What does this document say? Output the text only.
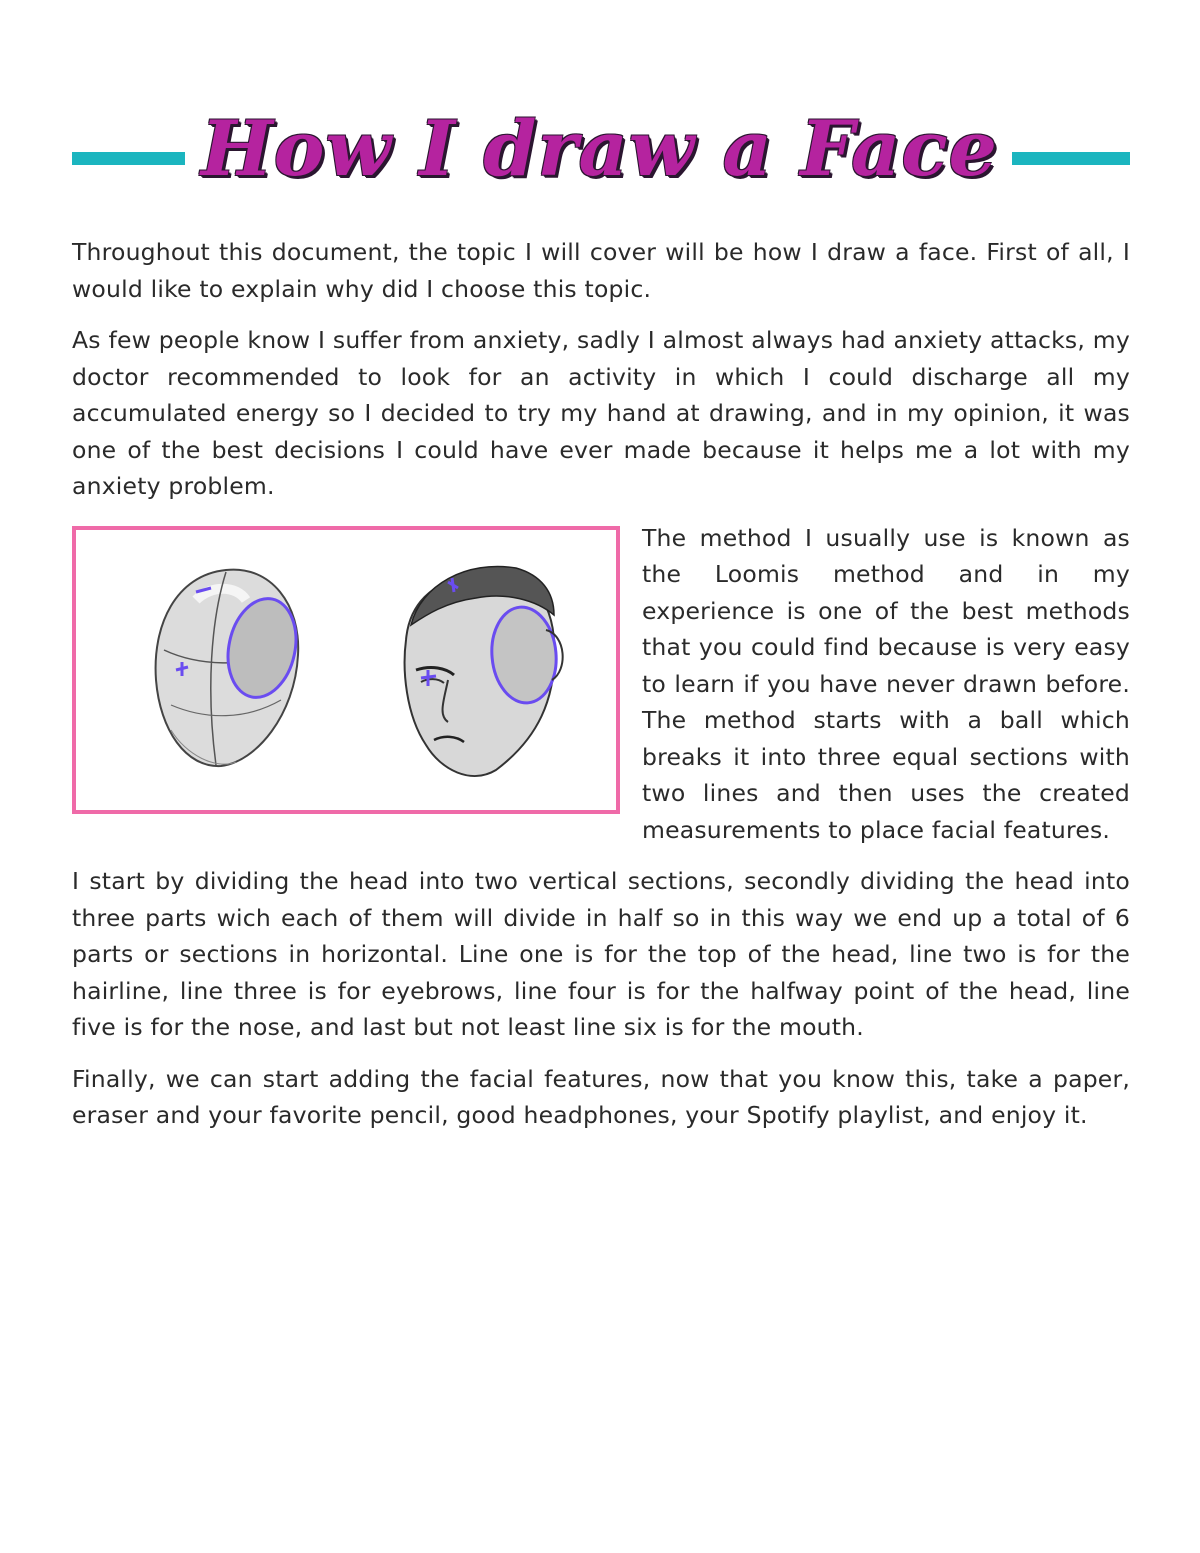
How I draw a Face

Throughout this document, the topic I will cover will be how I draw a face. First of all, I would like to explain why did I choose this topic.

As few people know I suffer from anxiety, sadly I almost always had anxiety attacks, my doctor recommended to look for an activity in which I could discharge all my accumulated energy so I decided to try my hand at drawing, and in my opinion, it was one of the best decisions I could have ever made because it helps me a lot with my anxiety problem.

The method I usually use is known as the Loomis method and in my experience is one of the best methods that you could find because is very easy to learn if you have never drawn before. The method starts with a ball which breaks it into three equal sections with two lines and then uses the created measurements to place facial features.

I start by dividing the head into two vertical sections, secondly dividing the head into three parts wich each of them will divide in half so in this way we end up a total of 6 parts or sections in horizontal. Line one is for the top of the head, line two is for the hairline, line three is for eyebrows, line four is for the halfway point of the head, line five is for the nose, and last but not least line six is for the mouth.

Finally, we can start adding the facial features, now that you know this, take a paper, eraser and your favorite pencil, good headphones, your Spotify playlist, and enjoy it.
